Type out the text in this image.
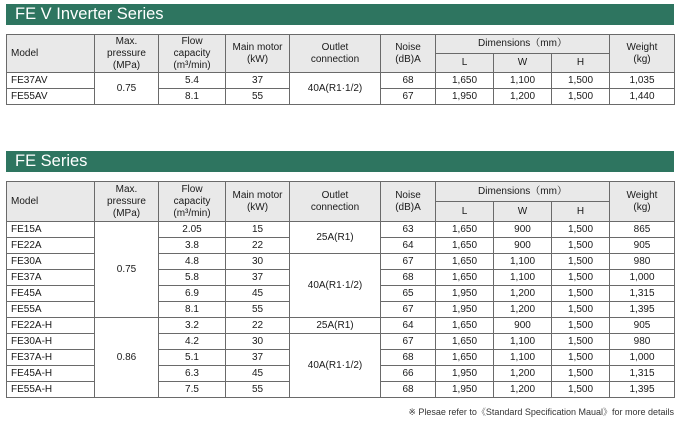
FE V Inverter Series
Model	Max.
pressure
(MPa)	Flow
capacity
(m³/min)	Main motor
(kW)	Outlet
connection	Noise
(dB)A	Dimensions（mm）			Weight
(kg)
						L	W	H	
FE37AV	0.75	5.4	37	40A(R1·1/2)	68	1,650	1,100	1,500	1,035
FE55AV		8.1	55		67	1,950	1,200	1,500	1,440
FE Series
Model	Max.
pressure
(MPa)	Flow
capacity
(m³/min)	Main motor
(kW)	Outlet
connection	Noise
(dB)A	Dimensions（mm）			Weight
(kg)
						L	W	H	
FE15A	0.75	2.05	15	25A(R1)	63	1,650	900	1,500	865
FE22A		3.8	22		64	1,650	900	1,500	905
FE30A		4.8	30	40A(R1·1/2)	67	1,650	1,100	1,500	980
FE37A		5.8	37		68	1,650	1,100	1,500	1,000
FE45A		6.9	45		65	1,950	1,200	1,500	1,315
FE55A		8.1	55		67	1,950	1,200	1,500	1,395
FE22A-H	0.86	3.2	22	25A(R1)	64	1,650	900	1,500	905
FE30A-H		4.2	30	40A(R1·1/2)	67	1,650	1,100	1,500	980
FE37A-H		5.1	37		68	1,650	1,100	1,500	1,000
FE45A-H		6.3	45		66	1,950	1,200	1,500	1,315
FE55A-H		7.5	55		68	1,950	1,200	1,500	1,395
※ Plesae refer to《Standard Specification Maual》for more details
